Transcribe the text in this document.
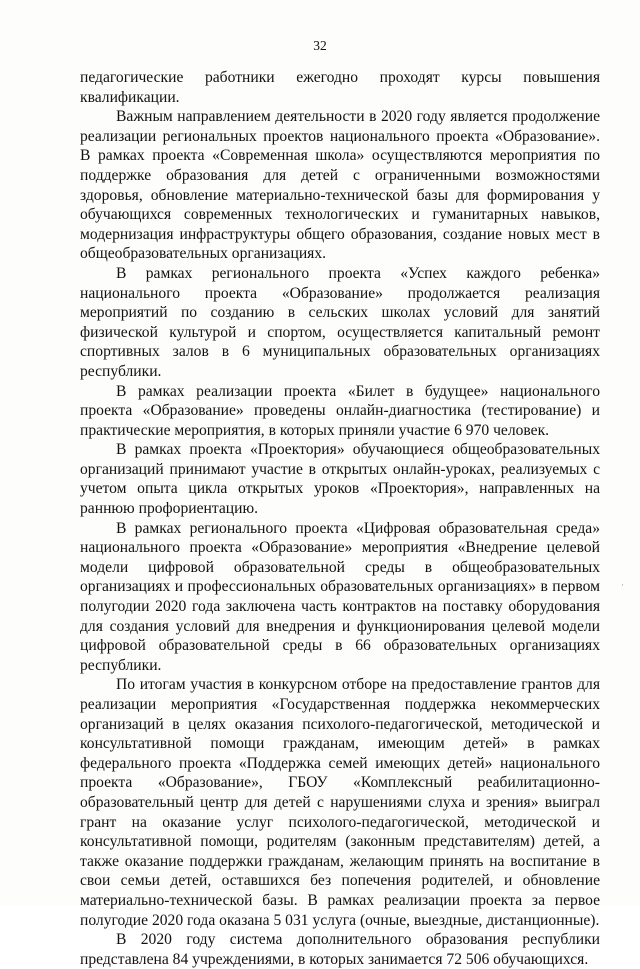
32

педагогические работники ежегодно проходят курсы повышения квалификации.

Важным направлением деятельности в 2020 году является продолжение реализации региональных проектов национального проекта «Образование». В рамках проекта «Современная школа» осуществляются мероприятия по поддержке образования для детей с ограниченными возможностями здоровья, обновление материально-технической базы для формирования у обучающихся современных технологических и гуманитарных навыков, модернизация инфраструктуры общего образования, создание новых мест в общеобразовательных организациях.

В рамках регионального проекта «Успех каждого ребенка» национального проекта «Образование» продолжается реализация мероприятий по созданию в сельских школах условий для занятий физической культурой и спортом, осуществляется капитальный ремонт спортивных залов в 6 муниципальных образовательных организациях республики.

В рамках реализации проекта «Билет в будущее» национального проекта «Образование» проведены онлайн-диагностика (тестирование) и практические мероприятия, в которых приняли участие 6 970 человек.

В рамках проекта «Проектория» обучающиеся общеобразовательных организаций принимают участие в открытых онлайн-уроках, реализуемых с учетом опыта цикла открытых уроков «Проектория», направленных на раннюю профориентацию.

В рамках регионального проекта «Цифровая образовательная среда» национального проекта «Образование» мероприятия «Внедрение целевой модели цифровой образовательной среды в общеобразовательных организациях и профессиональных образовательных организациях» в первом полугодии 2020 года заключена часть контрактов на поставку оборудования для создания условий для внедрения и функционирования целевой модели цифровой образовательной среды в 66 образовательных организациях республики.

По итогам участия в конкурсном отборе на предоставление грантов для реализации мероприятия «Государственная поддержка некоммерческих организаций в целях оказания психолого-педагогической, методической и консультативной помощи гражданам, имеющим детей» в рамках федерального проекта «Поддержка семей имеющих детей» национального проекта «Образование», ГБОУ «Комплексный реабилитационно-образовательный центр для детей с нарушениями слуха и зрения» выиграл грант на оказание услуг психолого-педагогической, методической и консультативной помощи, родителям (законным представителям) детей, а также оказание поддержки гражданам, желающим принять на воспитание в свои семьи детей, оставшихся без попечения родителей, и обновление материально-технической базы. В рамках реализации проекта за первое полугодие 2020 года оказана 5 031 услуга (очные, выездные, дистанционные).

В 2020 году система дополнительного образования республики представлена 84 учреждениями, в которых занимается 72 506 обучающихся.

·
